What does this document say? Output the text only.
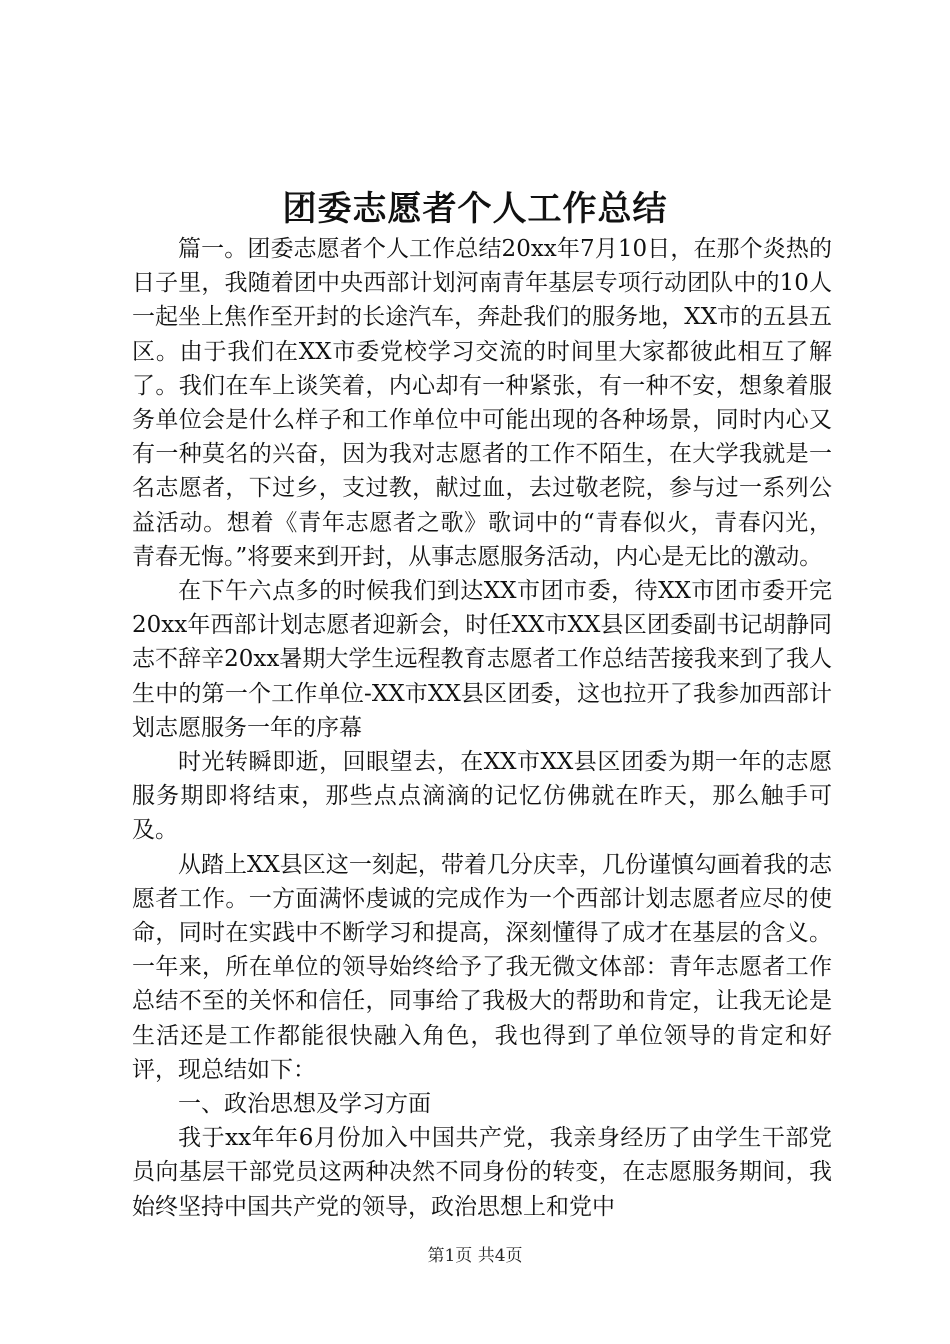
团委志愿者个人工作总结

篇一。团委志愿者个人工作总结20xx年7月10日，在那个炎热的日子里，我随着团中央西部计划河南青年基层专项行动团队中的10人一起坐上焦作至开封的长途汽车，奔赴我们的服务地，XX市的五县五区。由于我们在XX市委党校学习交流的时间里大家都彼此相互了解了。我们在车上谈笑着，内心却有一种紧张，有一种不安，想象着服务单位会是什么样子和工作单位中可能出现的各种场景，同时内心又有一种莫名的兴奋，因为我对志愿者的工作不陌生，在大学我就是一名志愿者，下过乡，支过教，献过血，去过敬老院，参与过一系列公益活动。想着《青年志愿者之歌》歌词中的“青春似火，青春闪光，青春无悔。”将要来到开封，从事志愿服务活动，内心是无比的激动。

在下午六点多的时候我们到达XX市团市委，待XX市团市委开完20xx年西部计划志愿者迎新会，时任XX市XX县区团委副书记胡静同志不辞辛20xx暑期大学生远程教育志愿者工作总结苦接我来到了我人生中的第一个工作单位-XX市XX县区团委，这也拉开了我参加西部计划志愿服务一年的序幕

时光转瞬即逝，回眼望去，在XX市XX县区团委为期一年的志愿服务期即将结束，那些点点滴滴的记忆仿佛就在昨天，那么触手可及。

从踏上XX县区这一刻起，带着几分庆幸，几份谨慎勾画着我的志愿者工作。一方面满怀虔诚的完成作为一个西部计划志愿者应尽的使命，同时在实践中不断学习和提高，深刻懂得了成才在基层的含义。一年来，所在单位的领导始终给予了我无微文体部：青年志愿者工作总结不至的关怀和信任，同事给了我极大的帮助和肯定，让我无论是生活还是工作都能很快融入角色，我也得到了单位领导的肯定和好评，现总结如下：

一、政治思想及学习方面

我于xx年年6月份加入中国共产党，我亲身经历了由学生干部党员向基层干部党员这两种决然不同身份的转变，在志愿服务期间，我始终坚持中国共产党的领导，政治思想上和党中

第1页 共4页
